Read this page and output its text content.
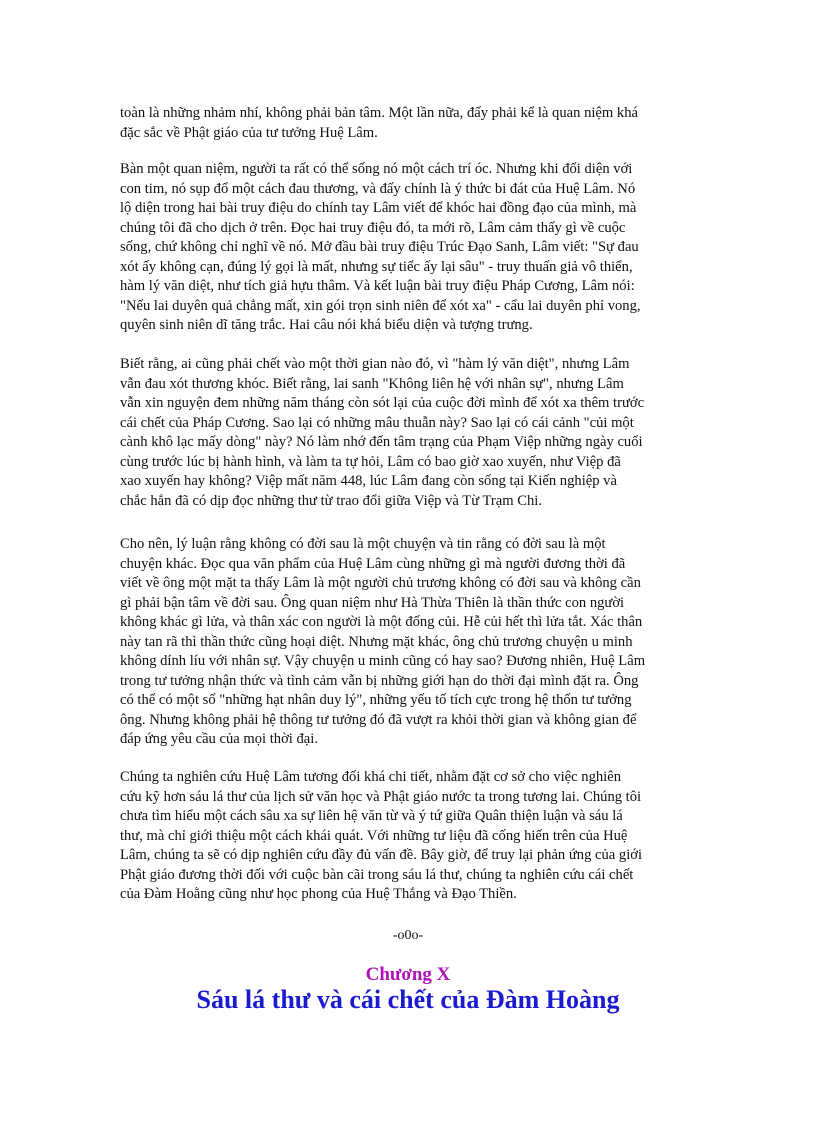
toàn là những nhảm nhí, không phải bản tâm. Một lần nữa, đấy phải kể là quan niệm khá
đặc sắc về Phật giáo của tư tưởng Huệ Lâm.
Bàn một quan niệm, người ta rất có thể sống nó một cách trí óc. Nhưng khi đối diện với
con tim, nó sụp đổ một cách đau thương, và đấy chính là ý thức bi đát của Huệ Lâm. Nó
lộ diện trong hai bài truy điệu do chính tay Lâm viết để khóc hai đồng đạo của mình, mà
chúng tôi đã cho dịch ở trên. Đọc hai truy điệu đó, ta mới rõ, Lâm cảm thấy gì về cuộc
sống, chứ không chỉ nghĩ về nó. Mở đầu bài truy điệu Trúc Đạo Sanh, Lâm viết: "Sự đau
xót ấy không cạn, đúng lý gọi là mất, nhưng sự tiếc ấy lại sâu" - truy thuấn giả vô thiển,
hàm lý văn diệt, như tích giả hựu thâm. Và kết luận bài truy điệu Pháp Cương, Lâm nói:
"Nếu lai duyên quả chẳng mất, xin gói trọn sinh niên để xót xa" - cẩu lai duyên phỉ vong,
quyên sinh niên dĩ tăng trắc. Hai câu nói khá biểu diện và tượng trưng.
Biết rằng, ai cũng phải chết vào một thời gian nào đó, vì "hàm lý văn diệt", nhưng Lâm
vẫn đau xót thương khóc. Biết rằng, lai sanh "Không liên hệ với nhân sự", nhưng Lâm
vẫn xin nguyện đem những năm tháng còn sót lại của cuộc đời mình để xót xa thêm trước
cái chết của Pháp Cương. Sao lại có những mâu thuẫn này? Sao lại có cái cảnh "củi một
cành khô lạc mấy dòng" này? Nó làm nhớ đến tâm trạng của Phạm Việp những ngày cuối
cùng trước lúc bị hành hình, và làm ta tự hỏi, Lâm có bao giờ xao xuyến, như Việp đã
xao xuyến hay không? Việp mất năm 448, lúc Lâm đang còn sống tại Kiến nghiệp và
chắc hẳn đã có dịp đọc những thư từ trao đổi giữa Việp và Từ Trạm Chi.
Cho nên, lý luận rằng không có đời sau là một chuyện và tin rằng có đời sau là một
chuyện khác. Đọc qua văn phẩm của Huệ Lâm cùng những gì mà người đương thời đã
viết về ông một mặt ta thấy Lâm là một người chủ trương không có đời sau và không cần
gì phải bận tâm về đời sau. Ông quan niệm như Hà Thừa Thiên là thần thức con người
không khác gì lửa, và thân xác con người là một đống củi. Hễ củi hết thì lửa tắt. Xác thân
này tan rã thì thần thức cũng hoại diệt. Nhưng mặt khác, ông chủ trương chuyện u minh
không dính líu với nhân sự. Vậy chuyện u minh cũng có hay sao? Đương nhiên, Huệ Lâm
trong tư tưởng nhận thức và tình cảm vẫn bị những giới hạn do thời đại mình đặt ra. Ông
có thể có một số "những hạt nhân duy lý", những yếu tố tích cực trong hệ thốn tư tưởng
ông. Nhưng không phải hệ thông tư tưởng đó đã vượt ra khỏi thời gian và không gian để
đáp ứng yêu cầu của mọi thời đại.
Chúng ta nghiên cứu Huệ Lâm tương đối khá chi tiết, nhằm đặt cơ sở cho việc nghiên
cứu kỹ hơn sáu lá thư của lịch sử văn học và Phật giáo nước ta trong tương lai. Chúng tôi
chưa tìm hiểu một cách sâu xa sự liên hệ văn từ và ý tứ giữa Quân thiện luận và sáu lá
thư, mà chỉ giới thiệu một cách khái quát. Với những tư liệu đã cống hiến trên của Huệ
Lâm, chúng ta sẽ có dịp nghiên cứu đầy đủ vấn đề. Bây giờ, để truy lại phản ứng của giới
Phật giáo đương thời đối với cuộc bàn cãi trong sáu lá thư, chúng ta nghiên cứu cái chết
của Đàm Hoằng cũng như học phong của Huệ Thắng và Đạo Thiền.
-o0o-
Chương X
Sáu lá thư và cái chết của Đàm Hoàng
